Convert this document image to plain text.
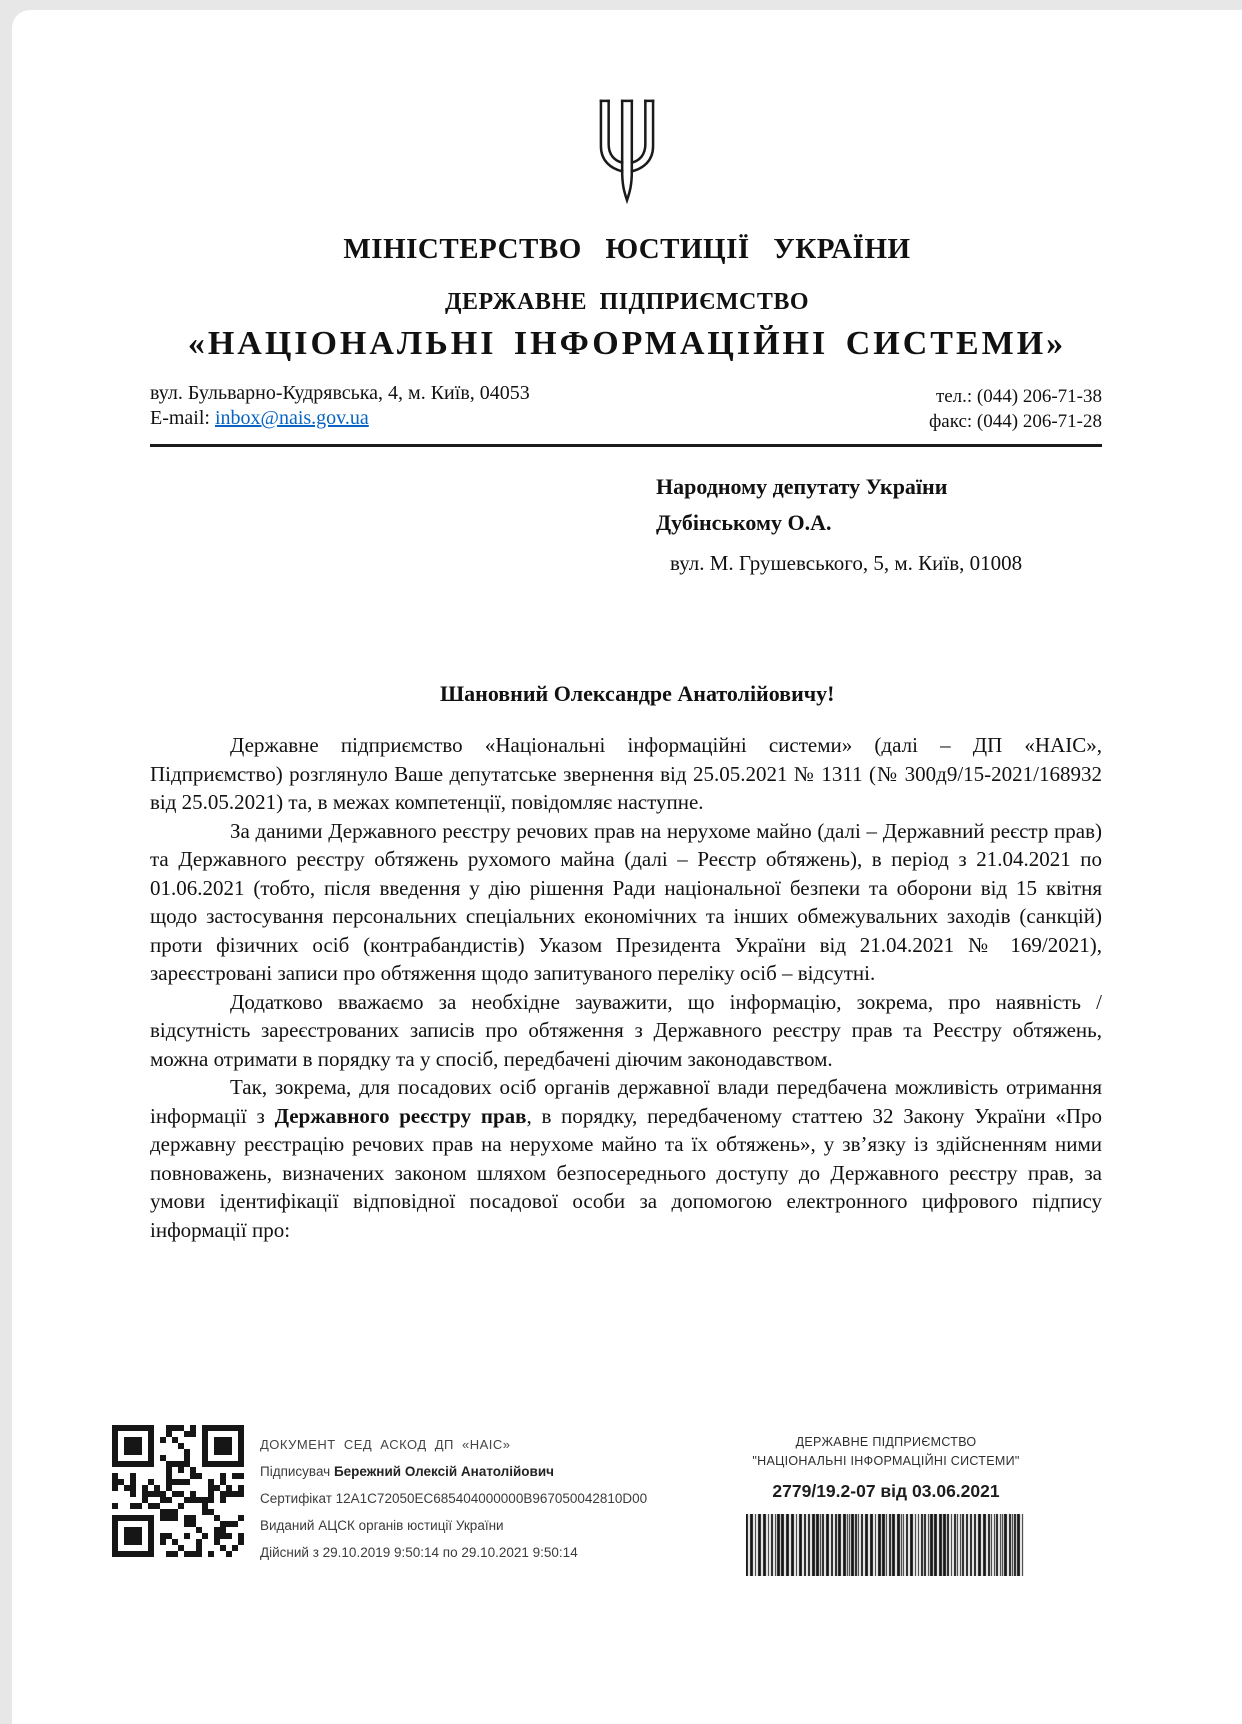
МІНІСТЕРСТВО ЮСТИЦІЇ УКРАЇНИ
ДЕРЖАВНЕ ПІДПРИЄМСТВО
«НАЦІОНАЛЬНІ ІНФОРМАЦІЙНІ СИСТЕМИ»
вул. Бульварно-Кудрявська, 4, м. Київ, 04053
E-mail: inbox@nais.gov.ua
тел.: (044) 206-71-38
факс: (044) 206-71-28
Народному депутату України
Дубінському О.А.
вул. М. Грушевського, 5, м. Київ, 01008
Шановний Олександре Анатолійовичу!

Державне підприємство «Національні інформаційні системи» (далі – ДП «НАІС», Підприємство) розглянуло Ваше депутатське звернення від 25.05.2021 № 1311 (№ 300д9/15-2021/168932 від 25.05.2021) та, в межах компетенції, повідомляє наступне.

За даними Державного реєстру речових прав на нерухоме майно (далі – Державний реєстр прав) та Державного реєстру обтяжень рухомого майна (далі – Реєстр обтяжень), в період з 21.04.2021 по 01.06.2021 (тобто, після введення у дію рішення Ради національної безпеки та оборони від 15 квітня щодо застосування персональних спеціальних економічних та інших обмежувальних заходів (санкцій) проти фізичних осіб (контрабандистів) Указом Президента України від 21.04.2021 № 169/2021), зареєстровані записи про обтяження щодо запитуваного переліку осіб – відсутні.

Додатково вважаємо за необхідне зауважити, що інформацію, зокрема, про наявність / відсутність зареєстрованих записів про обтяження з Державного реєстру прав та Реєстру обтяжень, можна отримати в порядку та у спосіб, передбачені діючим законодавством.

Так, зокрема, для посадових осіб органів державної влади передбачена можливість отримання інформації з Державного реєстру прав, в порядку, передбаченому статтею 32 Закону України «Про державну реєстрацію речових прав на нерухоме майно та їх обтяжень», у зв’язку із здійсненням ними повноважень, визначених законом шляхом безпосереднього доступу до Державного реєстру прав, за умови ідентифікації відповідної посадової особи за допомогою електронного цифрового підпису інформації про:

ДОКУМЕНТ СЕД АСКОД ДП «НАІС»
Підписувач Бережний Олексій Анатолійович
Сертифікат 12A1C72050EC685404000000B967050042810D00
Виданий АЦСК органів юстиції України
Дійсний з 29.10.2019 9:50:14 по 29.10.2021 9:50:14
ДЕРЖАВНЕ ПІДПРИЄМСТВО
"НАЦІОНАЛЬНІ ІНФОРМАЦІЙНІ СИСТЕМИ"
2779/19.2-07 від 03.06.2021
